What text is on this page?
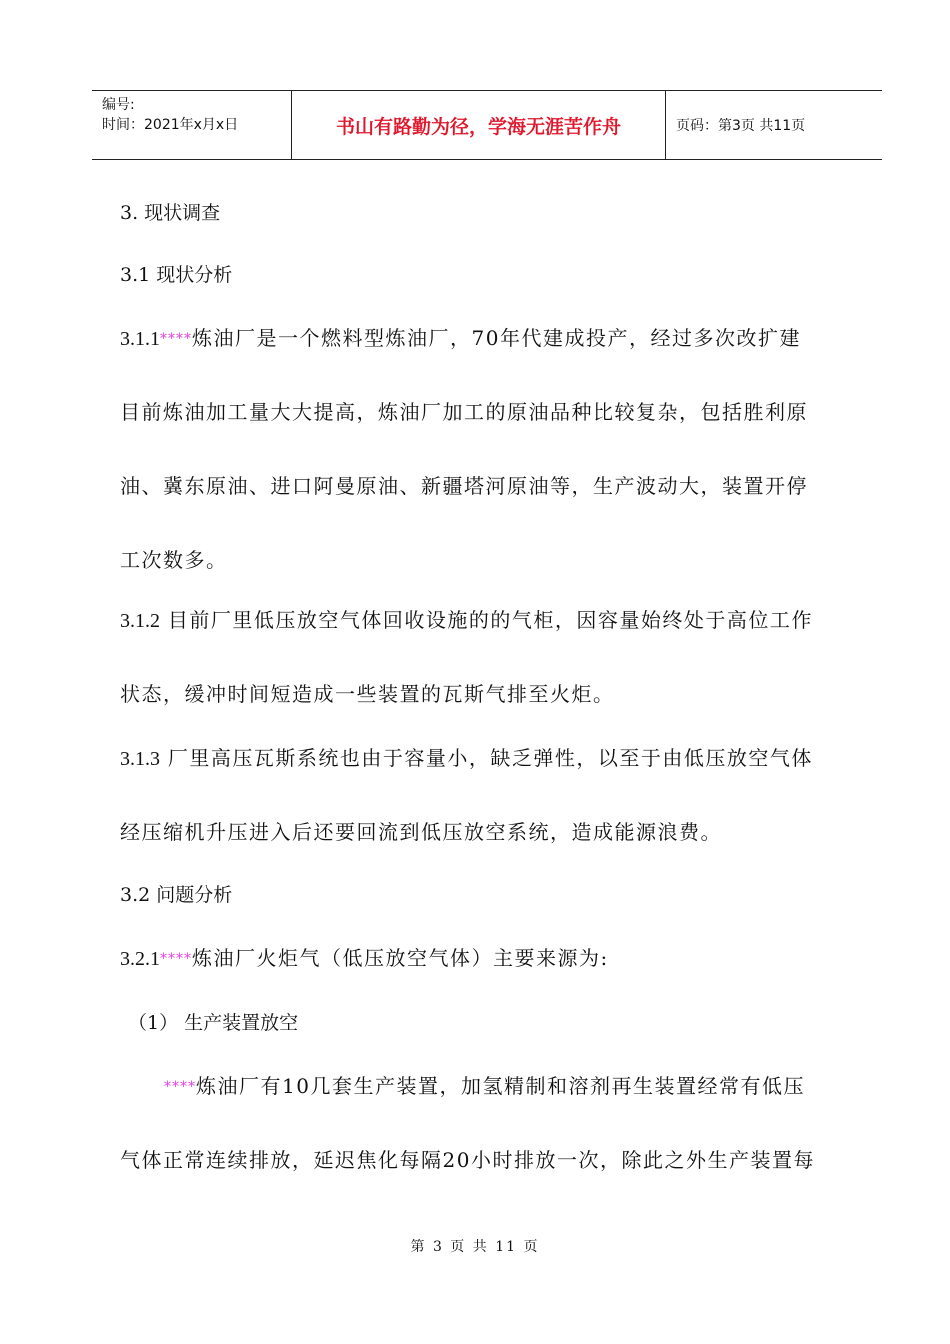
编号:
时间：2021年x月x日	书山有路勤为径，学海无涯苦作舟	页码：第3页 共11页
3. 现状调查
3.1 现状分析
3.1.1****炼油厂是一个燃料型炼油厂，70年代建成投产，经过多次改扩建
目前炼油加工量大大提高，炼油厂加工的原油品种比较复杂，包括胜利原
油、冀东原油、进口阿曼原油、新疆塔河原油等，生产波动大，装置开停
工次数多。
3.1.2 目前厂里低压放空气体回收设施的的气柜，因容量始终处于高位工作
状态，缓冲时间短造成一些装置的瓦斯气排至火炬。
3.1.3 厂里高压瓦斯系统也由于容量小，缺乏弹性，以至于由低压放空气体
经压缩机升压进入后还要回流到低压放空系统，造成能源浪费。
3.2 问题分析
3.2.1****炼油厂火炬气（低压放空气体）主要来源为:
（1） 生产装置放空
****炼油厂有10几套生产装置，加氢精制和溶剂再生装置经常有低压
气体正常连续排放，延迟焦化每隔20小时排放一次，除此之外生产装置每
第 3 页 共 11 页
